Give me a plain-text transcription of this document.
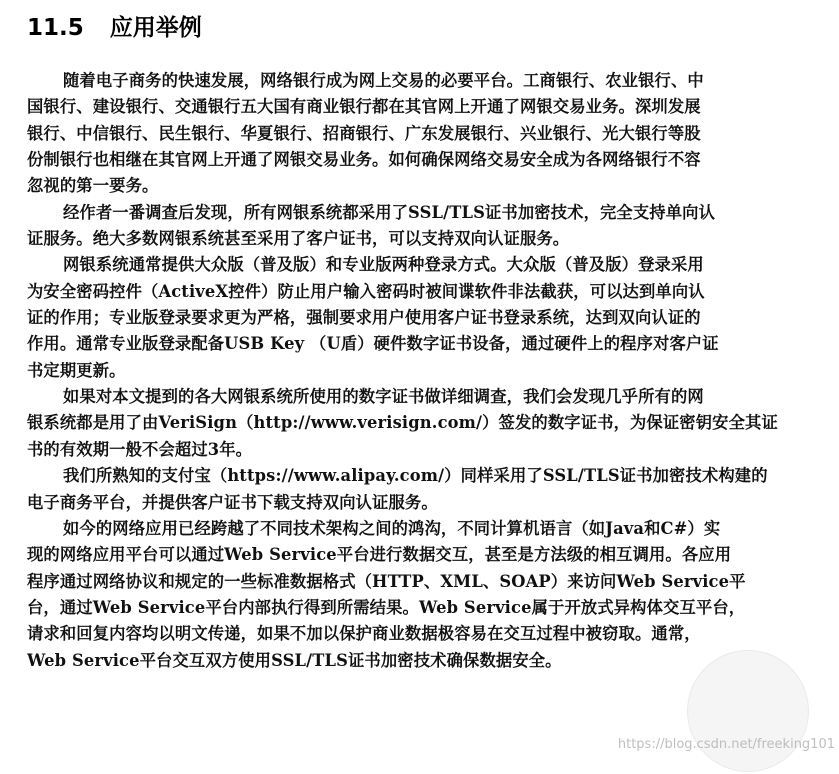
11.5 应用举例
随着电子商务的快速发展，网络银行成为网上交易的必要平台。工商银行、农业银行、中
国银行、建设银行、交通银行五大国有商业银行都在其官网上开通了网银交易业务。深圳发展
银行、中信银行、民生银行、华夏银行、招商银行、广东发展银行、兴业银行、光大银行等股
份制银行也相继在其官网上开通了网银交易业务。如何确保网络交易安全成为各网络银行不容
忽视的第一要务。
经作者一番调查后发现，所有网银系统都采用了SSL/TLS证书加密技术，完全支持单向认
证服务。绝大多数网银系统甚至采用了客户证书，可以支持双向认证服务。
网银系统通常提供大众版（普及版）和专业版两种登录方式。大众版（普及版）登录采用
为安全密码控件（ActiveX控件）防止用户输入密码时被间谍软件非法截获，可以达到单向认
证的作用；专业版登录要求更为严格，强制要求用户使用客户证书登录系统，达到双向认证的
作用。通常专业版登录配备USB Key （U盾）硬件数字证书设备，通过硬件上的程序对客户证
书定期更新。
如果对本文提到的各大网银系统所使用的数字证书做详细调查，我们会发现几乎所有的网
银系统都是用了由VeriSign（http://www.verisign.com/）签发的数字证书，为保证密钥安全其证
书的有效期一般不会超过3年。
我们所熟知的支付宝（https://www.alipay.com/）同样采用了SSL/TLS证书加密技术构建的
电子商务平台，并提供客户证书下载支持双向认证服务。
如今的网络应用已经跨越了不同技术架构之间的鸿沟，不同计算机语言（如Java和C#）实
现的网络应用平台可以通过Web Service平台进行数据交互，甚至是方法级的相互调用。各应用
程序通过网络协议和规定的一些标准数据格式（HTTP、XML、SOAP）来访问Web Service平
台，通过Web Service平台内部执行得到所需结果。Web Service属于开放式异构体交互平台，
请求和回复内容均以明文传递，如果不加以保护商业数据极容易在交互过程中被窃取。通常，
Web Service平台交互双方使用SSL/TLS证书加密技术确保数据安全。
https://blog.csdn.net/freeking101
